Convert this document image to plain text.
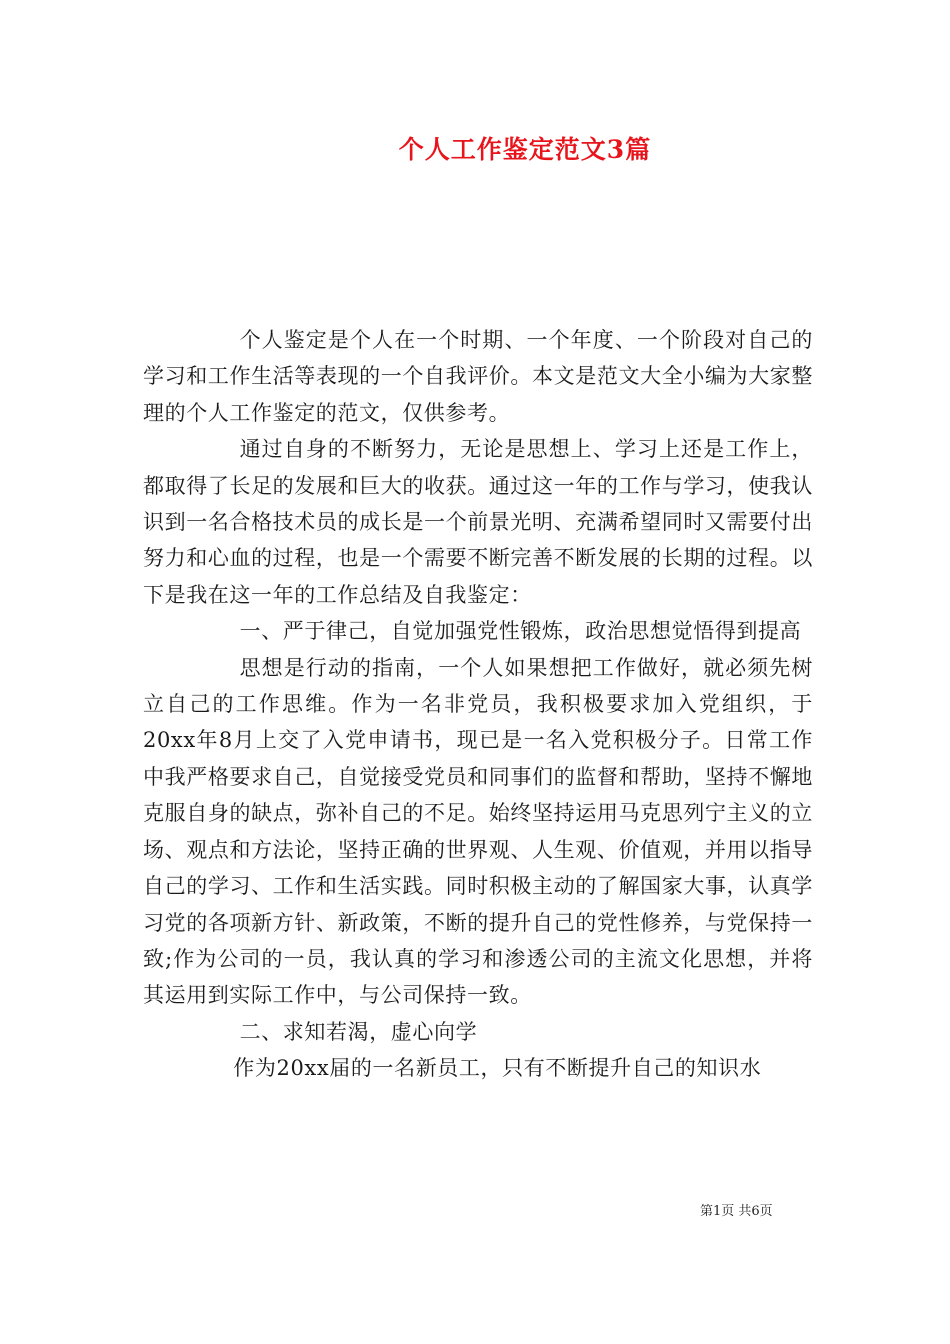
个人工作鉴定范文3篇

个人鉴定是个人在一个时期、一个年度、一个阶段对自己的学习和工作生活等表现的一个自我评价。本文是范文大全小编为大家整理的个人工作鉴定的范文，仅供参考。

通过自身的不断努力，无论是思想上、学习上还是工作上，都取得了长足的发展和巨大的收获。通过这一年的工作与学习，使我认识到一名合格技术员的成长是一个前景光明、充满希望同时又需要付出努力和心血的过程，也是一个需要不断完善不断发展的长期的过程。以下是我在这一年的工作总结及自我鉴定：

一、严于律己，自觉加强党性锻炼，政治思想觉悟得到提高

思想是行动的指南，一个人如果想把工作做好，就必须先树立自己的工作思维。作为一名非党员，我积极要求加入党组织，于20xx年8月上交了入党申请书，现已是一名入党积极分子。日常工作中我严格要求自己，自觉接受党员和同事们的监督和帮助，坚持不懈地克服自身的缺点，弥补自己的不足。始终坚持运用马克思列宁主义的立场、观点和方法论，坚持正确的世界观、人生观、价值观，并用以指导自己的学习、工作和生活实践。同时积极主动的了解国家大事，认真学习党的各项新方针、新政策，不断的提升自己的党性修养，与党保持一致;作为公司的一员，我认真的学习和渗透公司的主流文化思想，并将其运用到实际工作中，与公司保持一致。

二、求知若渴，虚心向学

作为20xx届的一名新员工，只有不断提升自己的知识水

第1页 共6页
